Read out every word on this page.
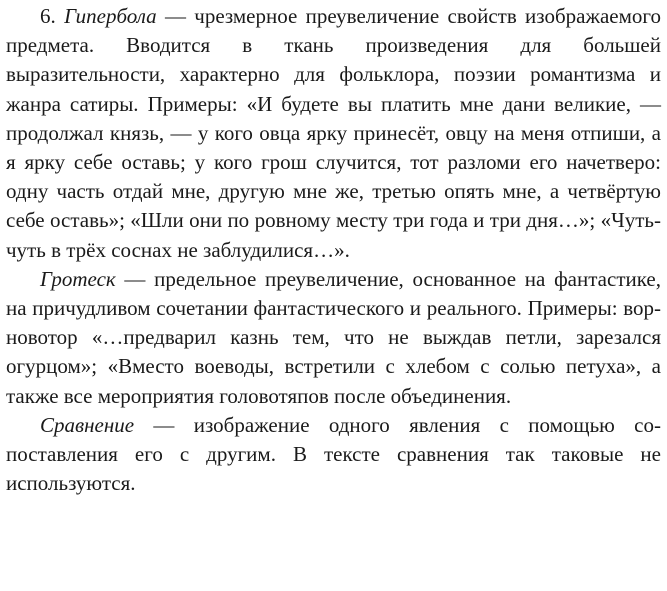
6. Гипербола — чрезмерное преувеличение свойств изображаемого предмета. Вводится в ткань произведения для большей выразительности, характерно для фольклора, поэзии романтизма и жанра сатиры. Примеры: «И будете вы платить мне дани великие, — продолжал князь, — у кого овца ярку принесёт, овцу на меня отпиши, а я ярку себе оставь; у кого грош случится, тот разломи его начетверо: одну часть отдай мне, другую мне же, третью опять мне, а четвёртую себе оставь»; «Шли они по ровному месту три года и три дня…»; «Чуть-чуть в трёх соснах не заблудилися…».

Гротеск — предельное преувеличение, основанное на фантастике, на причудливом сочетании фантастического и реального. Примеры: вор-новотор «…предварил казнь тем, что не выждав петли, зарезался огурцом»; «Вместо воеводы, встретили с хлебом с солью петуха», а также все мероприятия головотяпов после объединения.

Сравнение — изображение одного явления с помощью сопоставления его с другим. В тексте сравнения так таковые не используются.
